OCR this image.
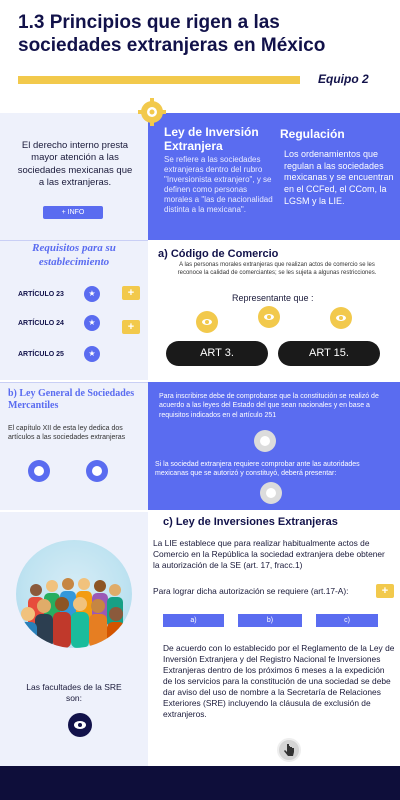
1.3 Principios que rigen a las sociedades extranjeras en México
Equipo 2
El derecho interno presta mayor atención a las sociedades mexicanas que a las extranjeras.
+ INFO
Ley de Inversión Extranjera
Se refiere a las sociedades extranjeras dentro del rubro "Inversionista extranjero", y se definen como personas morales a "las de nacionalidad distinta a la mexicana".
Regulación
Los ordenamientos que regulan a las sociedades mexicanas y se encuentran en el CCFed, el CCom, la LGSM y la LIE.
Requisitos para su establecimiento
ARTÍCULO 23	★	+
ARTÍCULO 24	★	+
ARTÍCULO 25	★
a) Código de Comercio
A las personas morales extranjeras que realizan actos de comercio se les reconoce la calidad de comerciantes; se les sujeta a algunas restricciones.
Representante que :
ART 3.	ART 15.
b) Ley General de Sociedades Mercantiles
El capítulo XII de esta ley dedica dos artículos a las sociedades extranjeras
Para inscribirse debe de comprobarse que la constitución se realizó de acuerdo a las leyes del Estado del que sean nacionales y en base a requisitos indicados en el artículo 251
Si la sociedad extranjera requiere comprobar ante las autoridades mexicanas que se autorizó y constituyó, deberá presentar:
c) Ley de Inversiones Extranjeras
La LIE establece que para realizar habitualmente actos de Comercio en la República la sociedad extranjera debe obtener la autorización de la SE (art. 17, fracc.1)
Para lograr dicha autorización se requiere (art.17-A):	+
a)	b)	c)
De acuerdo con lo establecido por el Reglamento de la Ley de Inversión Extranjera y del Registro Nacional fe Inversiones Extranjeras dentro de los próximos 6 meses a la expedición de los servicios para la constitución de una sociedad se debe dar aviso del uso de nombre a la Secretaría de Relaciones Exteriores (SRE) incluyendo la cláusula de exclusión de extranjeros.
Las facultades de la SRE son:
